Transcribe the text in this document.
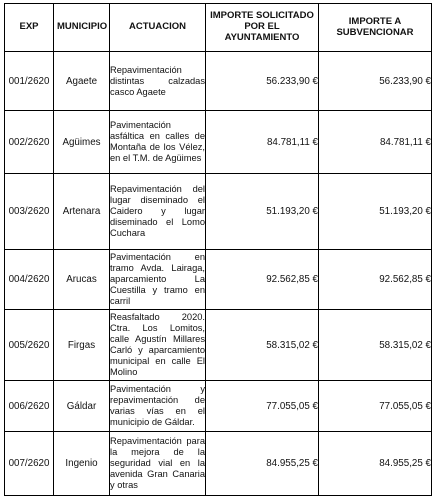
EXP	MUNICIPIO	ACTUACION	IMPORTE SOLICITADO POR EL AYUNTAMIENTO	IMPORTE A SUBVENCIONAR
001/2620	Agaete	Repavimentación distintas calzadas casco Agaete	56.233,90 €	56.233,90 €
002/2620	Agüimes	Pavimentación asfáltica en calles de Montaña de los Vélez, en el T.M. de Agüimes	84.781,11 €	84.781,11 €
003/2620	Artenara	Repavimentación del lugar diseminado el Caidero y lugar diseminado el Lomo Cuchara	51.193,20 €	51.193,20 €
004/2620	Arucas	Pavimentación en tramo Avda. Lairaga, aparcamiento La Cuestilla y tramo en carril	92.562,85 €	92.562,85 €
005/2620	Firgas	Reasfaltado 2020. Ctra. Los Lomitos, calle Agustín Millares Carló y aparcamiento municipal en calle El Molino	58.315,02 €	58.315,02 €
006/2620	Gáldar	Pavimentación y repavimentación de varias vías en el municipio de Gáldar.	77.055,05 €	77.055,05 €
007/2620	Ingenio	Repavimentación para la mejora de la seguridad vial en la avenida Gran Canaria y otras	84.955,25 €	84.955,25 €
